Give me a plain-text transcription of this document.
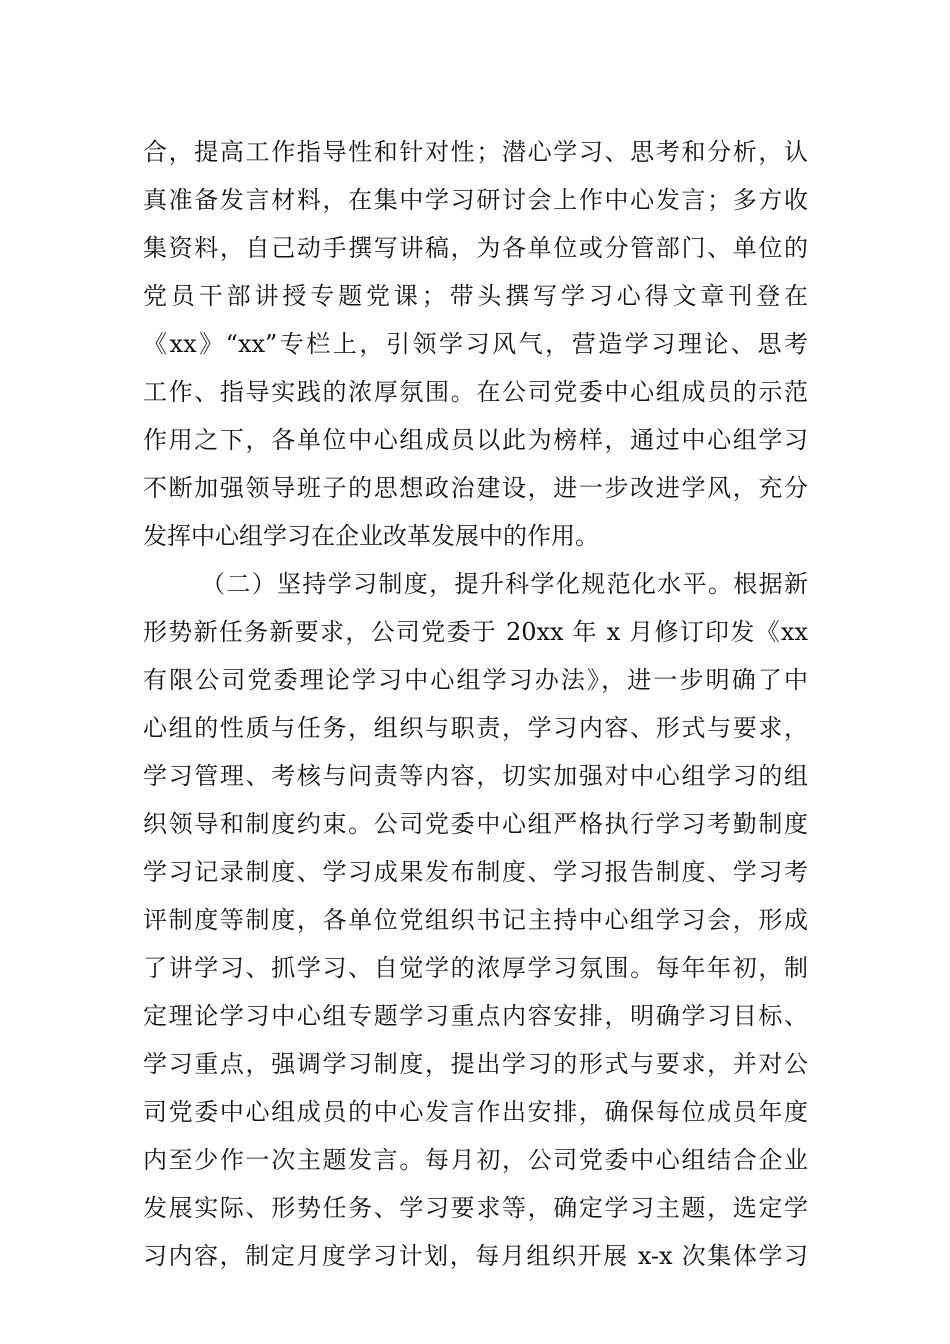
合，提高工作指导性和针对性；潜心学习、思考和分析，认
真准备发言材料，在集中学习研讨会上作中心发言；多方收
集资料，自己动手撰写讲稿，为各单位或分管部门、单位的
党员干部讲授专题党课；带头撰写学习心得文章刊登在
《xx》“xx”专栏上，引领学习风气，营造学习理论、思考
工作、指导实践的浓厚氛围。在公司党委中心组成员的示范
作用之下，各单位中心组成员以此为榜样，通过中心组学习
不断加强领导班子的思想政治建设，进一步改进学风，充分
发挥中心组学习在企业改革发展中的作用。
（二）坚持学习制度，提升科学化规范化水平。根据新
形势新任务新要求，公司党委于 20xx 年 x 月修订印发《xx
有限公司党委理论学习中心组学习办法》，进一步明确了中
心组的性质与任务，组织与职责，学习内容、形式与要求，
学习管理、考核与问责等内容，切实加强对中心组学习的组
织领导和制度约束。公司党委中心组严格执行学习考勤制度
学习记录制度、学习成果发布制度、学习报告制度、学习考
评制度等制度，各单位党组织书记主持中心组学习会，形成
了讲学习、抓学习、自觉学的浓厚学习氛围。每年年初，制
定理论学习中心组专题学习重点内容安排，明确学习目标、
学习重点，强调学习制度，提出学习的形式与要求，并对公
司党委中心组成员的中心发言作出安排，确保每位成员年度
内至少作一次主题发言。每月初，公司党委中心组结合企业
发展实际、形势任务、学习要求等，确定学习主题，选定学
习内容，制定月度学习计划，每月组织开展 x-x 次集体学习
